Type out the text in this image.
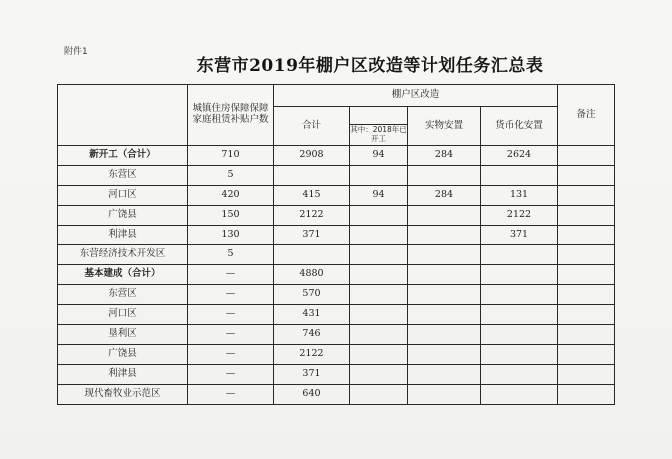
附件1
东营市2019年棚户区改造等计划任务汇总表
	城镇住房保障保障家庭租赁补贴户数	棚户区改造				备注
		合计		实物安置	货币化安置	
			其中：2018年已开工			
新开工（合计）	710	2908	94	284	2624	
东营区	5					
河口区	420	415	94	284	131	
广饶县	150	2122			2122	
利津县	130	371			371	
东营经济技术开发区	5					
基本建成（合计）	—	4880				
东营区	—	570				
河口区	—	431				
垦利区	—	746				
广饶县	—	2122				
利津县	—	371				
现代畜牧业示范区	—	640				
